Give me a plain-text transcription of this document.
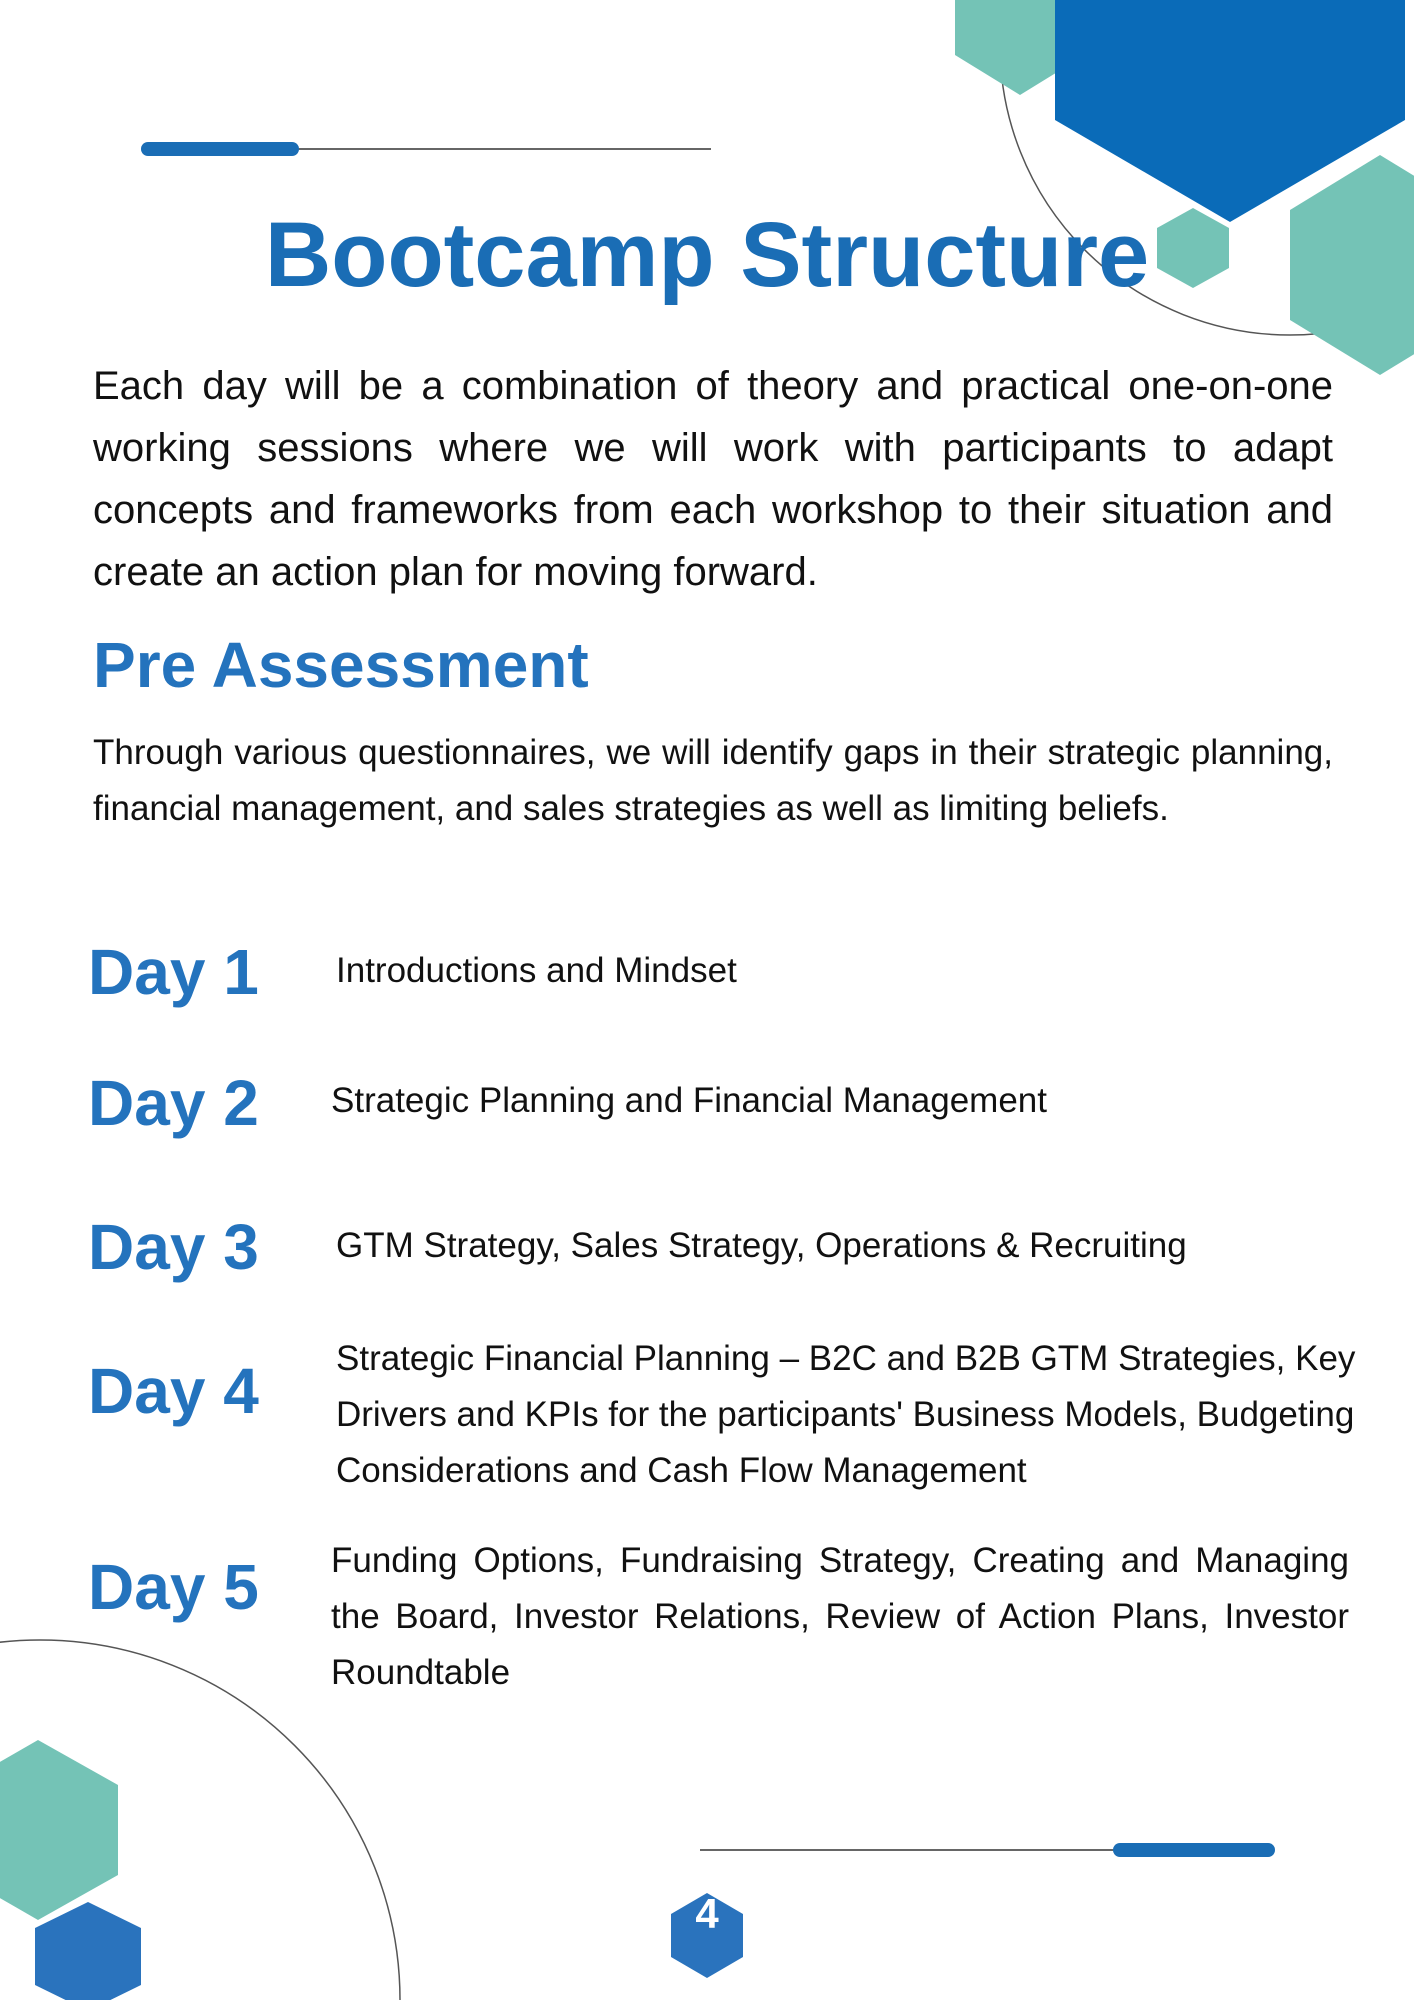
Bootcamp Structure

Each day will be a combination of theory and practical one-on-one working sessions where we will work with participants to adapt concepts and frameworks from each workshop to their situation and create an action plan for moving forward.

Pre Assessment

Through various questionnaires, we will identify gaps in their strategic planning, financial management, and sales strategies as well as limiting beliefs.

Day 1 Introductions and Mindset

Day 2 Strategic Planning and Financial Management

Day 3 GTM Strategy, Sales Strategy, Operations & Recruiting

Day 4 Strategic Financial Planning – B2C and B2B GTM Strategies, Key Drivers and KPIs for the participants' Business Models, Budgeting Considerations and Cash Flow Management

Day 5 Funding Options, Fundraising Strategy, Creating and Managing the Board, Investor Relations, Review of Action Plans, Investor Roundtable

4
